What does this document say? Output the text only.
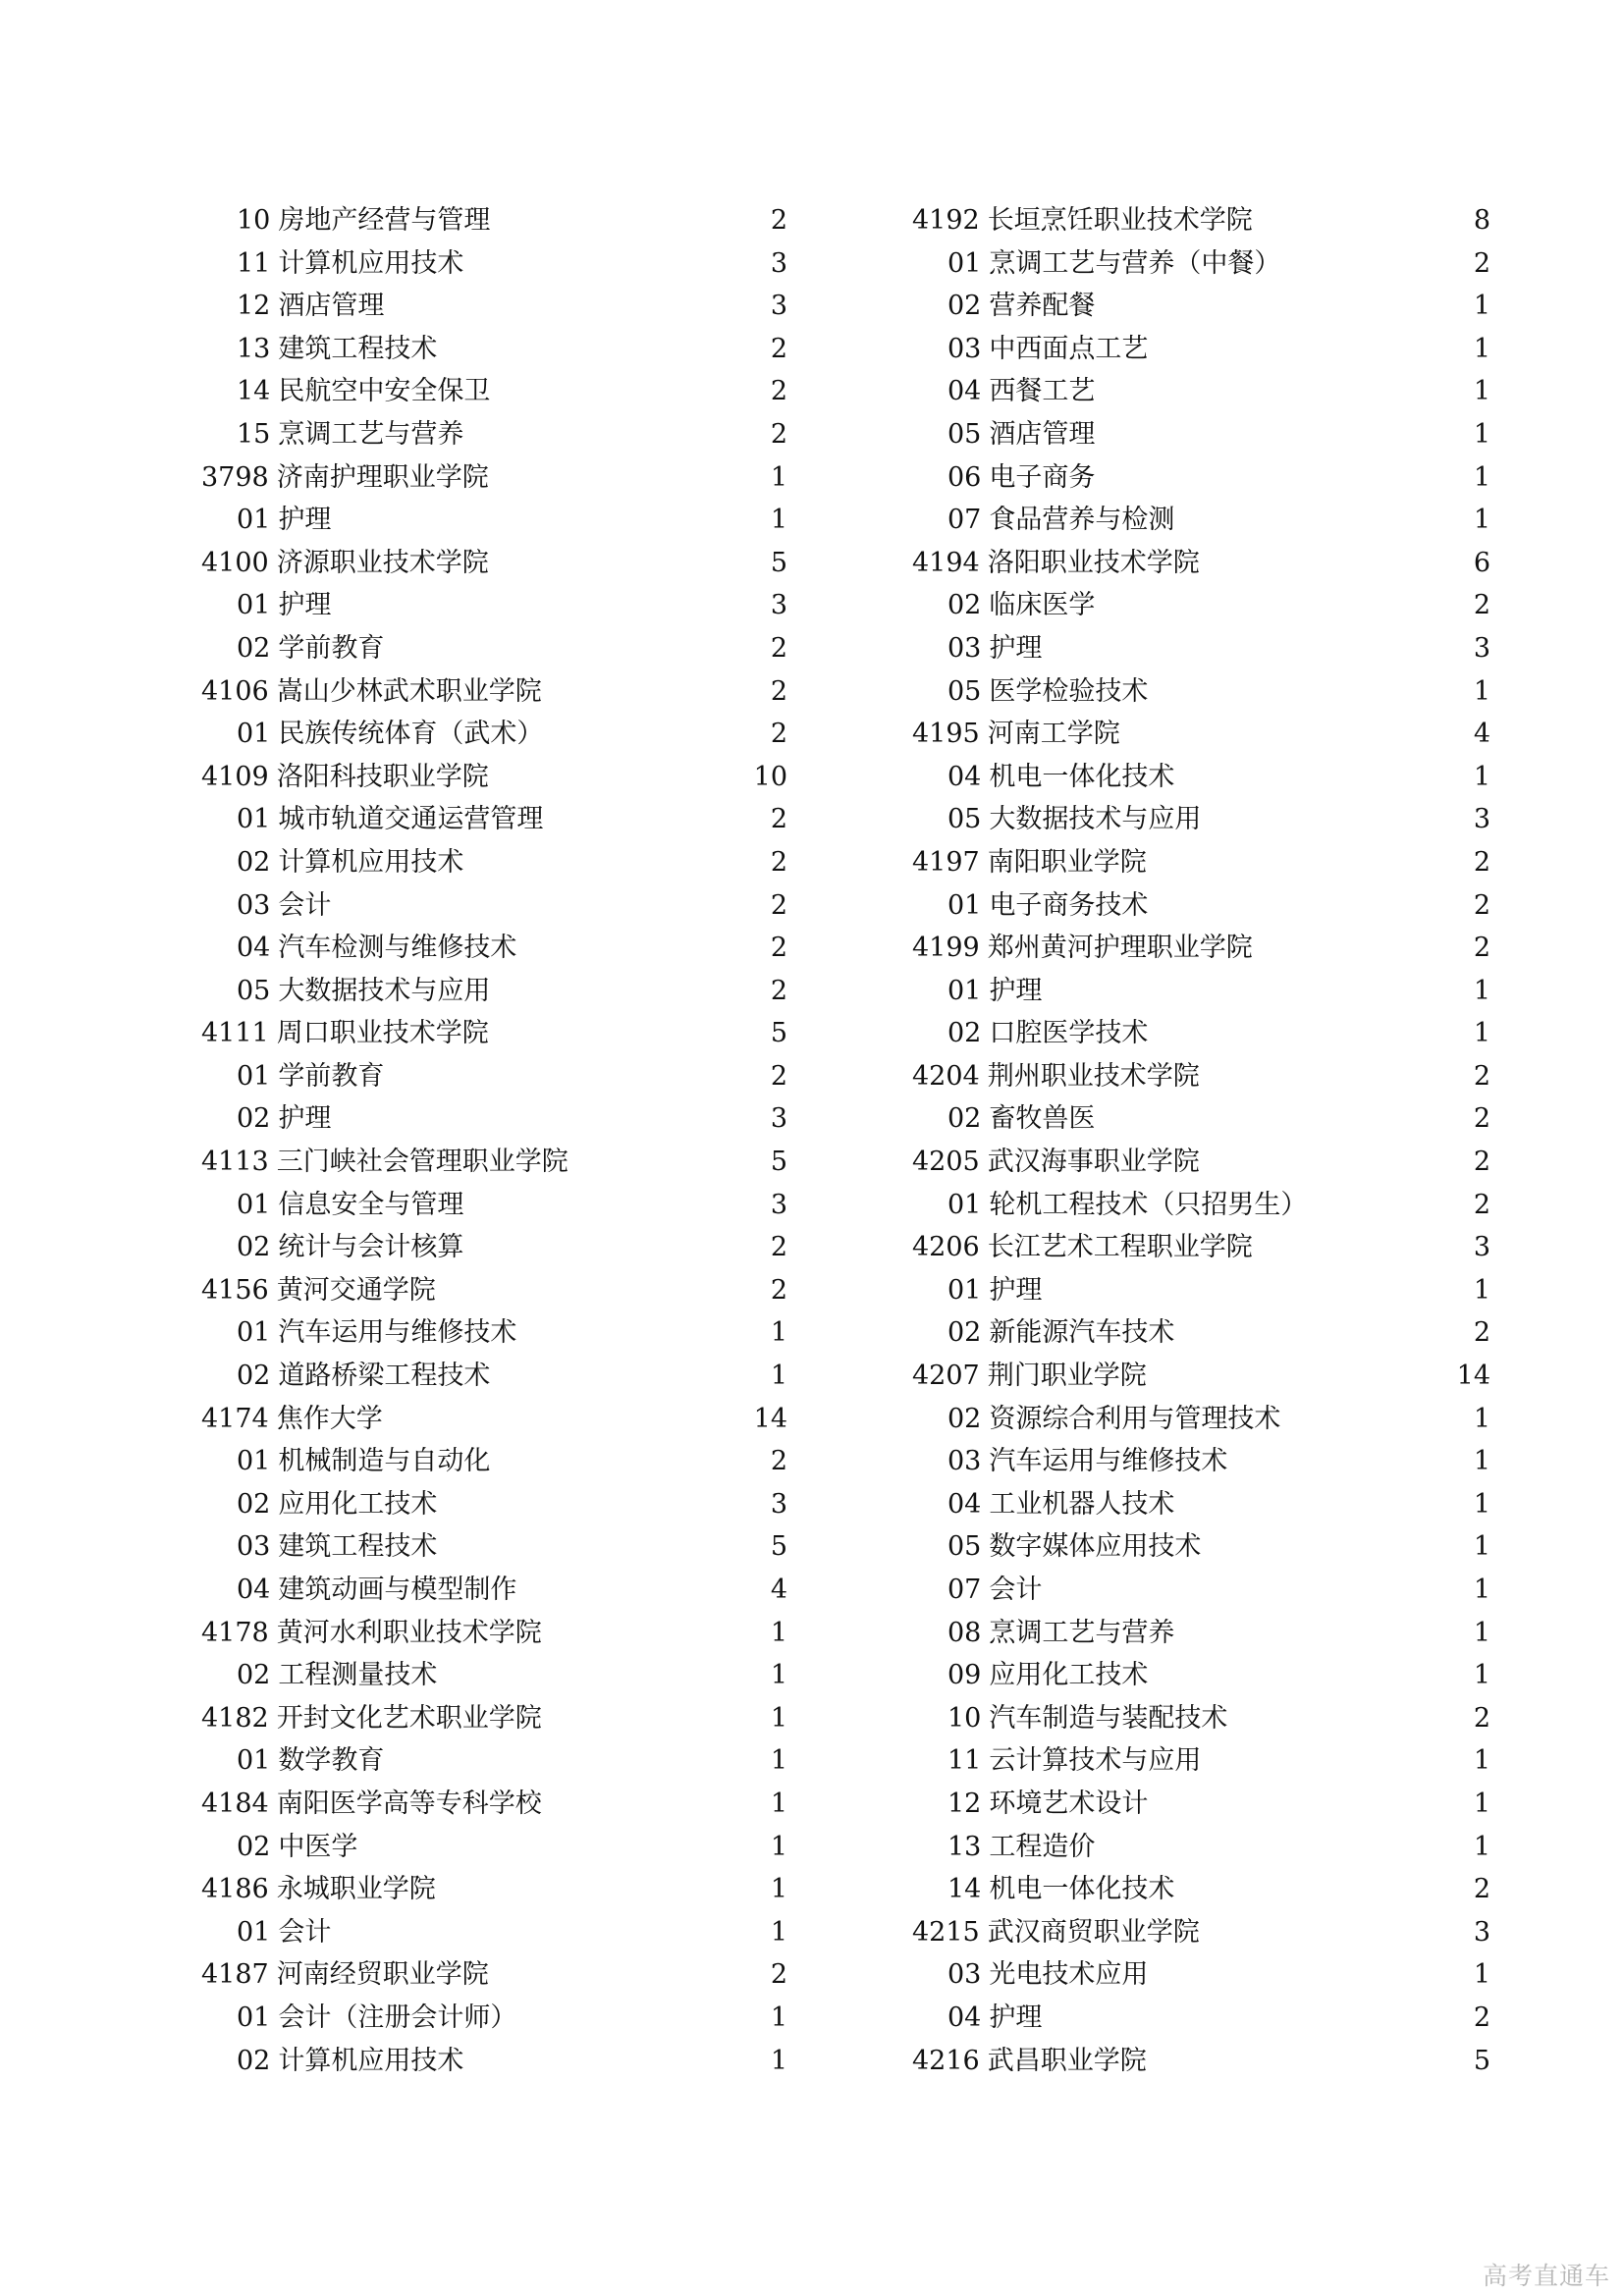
10 房地产经营与管理	2
11 计算机应用技术	3
12 酒店管理	3
13 建筑工程技术	2
14 民航空中安全保卫	2
15 烹调工艺与营养	2
3798 济南护理职业学院	1
01 护理	1
4100 济源职业技术学院	5
01 护理	3
02 学前教育	2
4106 嵩山少林武术职业学院	2
01 民族传统体育（武术）	2
4109 洛阳科技职业学院	10
01 城市轨道交通运营管理	2
02 计算机应用技术	2
03 会计	2
04 汽车检测与维修技术	2
05 大数据技术与应用	2
4111 周口职业技术学院	5
01 学前教育	2
02 护理	3
4113 三门峡社会管理职业学院	5
01 信息安全与管理	3
02 统计与会计核算	2
4156 黄河交通学院	2
01 汽车运用与维修技术	1
02 道路桥梁工程技术	1
4174 焦作大学	14
01 机械制造与自动化	2
02 应用化工技术	3
03 建筑工程技术	5
04 建筑动画与模型制作	4
4178 黄河水利职业技术学院	1
02 工程测量技术	1
4182 开封文化艺术职业学院	1
01 数学教育	1
4184 南阳医学高等专科学校	1
02 中医学	1
4186 永城职业学院	1
01 会计	1
4187 河南经贸职业学院	2
01 会计（注册会计师）	1
02 计算机应用技术	1
4192 长垣烹饪职业技术学院	8
01 烹调工艺与营养（中餐）	2
02 营养配餐	1
03 中西面点工艺	1
04 西餐工艺	1
05 酒店管理	1
06 电子商务	1
07 食品营养与检测	1
4194 洛阳职业技术学院	6
02 临床医学	2
03 护理	3
05 医学检验技术	1
4195 河南工学院	4
04 机电一体化技术	1
05 大数据技术与应用	3
4197 南阳职业学院	2
01 电子商务技术	2
4199 郑州黄河护理职业学院	2
01 护理	1
02 口腔医学技术	1
4204 荆州职业技术学院	2
02 畜牧兽医	2
4205 武汉海事职业学院	2
01 轮机工程技术（只招男生）	2
4206 长江艺术工程职业学院	3
01 护理	1
02 新能源汽车技术	2
4207 荆门职业学院	14
02 资源综合利用与管理技术	1
03 汽车运用与维修技术	1
04 工业机器人技术	1
05 数字媒体应用技术	1
07 会计	1
08 烹调工艺与营养	1
09 应用化工技术	1
10 汽车制造与装配技术	2
11 云计算技术与应用	1
12 环境艺术设计	1
13 工程造价	1
14 机电一体化技术	2
4215 武汉商贸职业学院	3
03 光电技术应用	1
04 护理	2
4216 武昌职业学院	5
高考直通车
